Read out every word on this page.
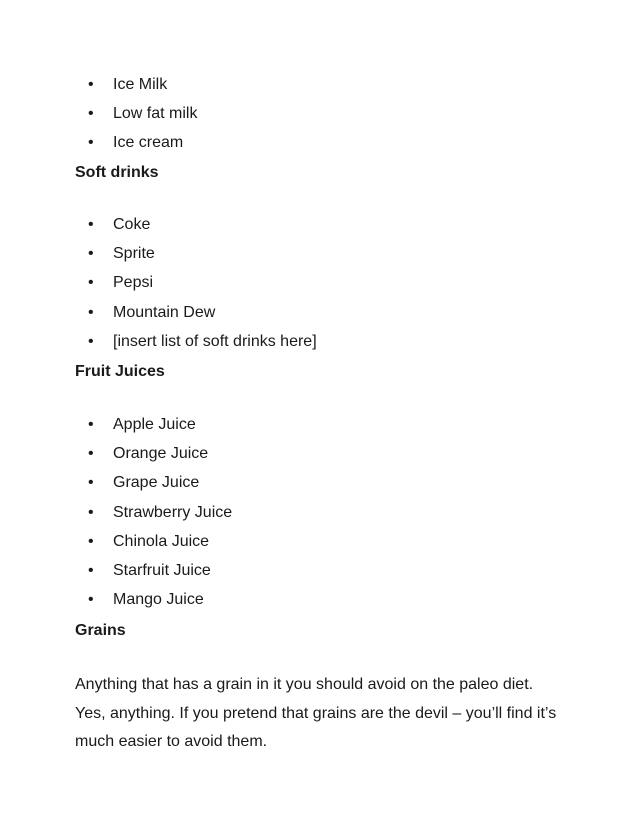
• Ice Milk
• Low fat milk
• Ice cream
Soft drinks
• Coke
• Sprite
• Pepsi
• Mountain Dew
• [insert list of soft drinks here]
Fruit Juices
• Apple Juice
• Orange Juice
• Grape Juice
• Strawberry Juice
• Chinola Juice
• Starfruit Juice
• Mango Juice
Grains

Anything that has a grain in it you should avoid on the paleo diet. Yes, anything. If you pretend that grains are the devil – you’ll find it’s much easier to avoid them.
